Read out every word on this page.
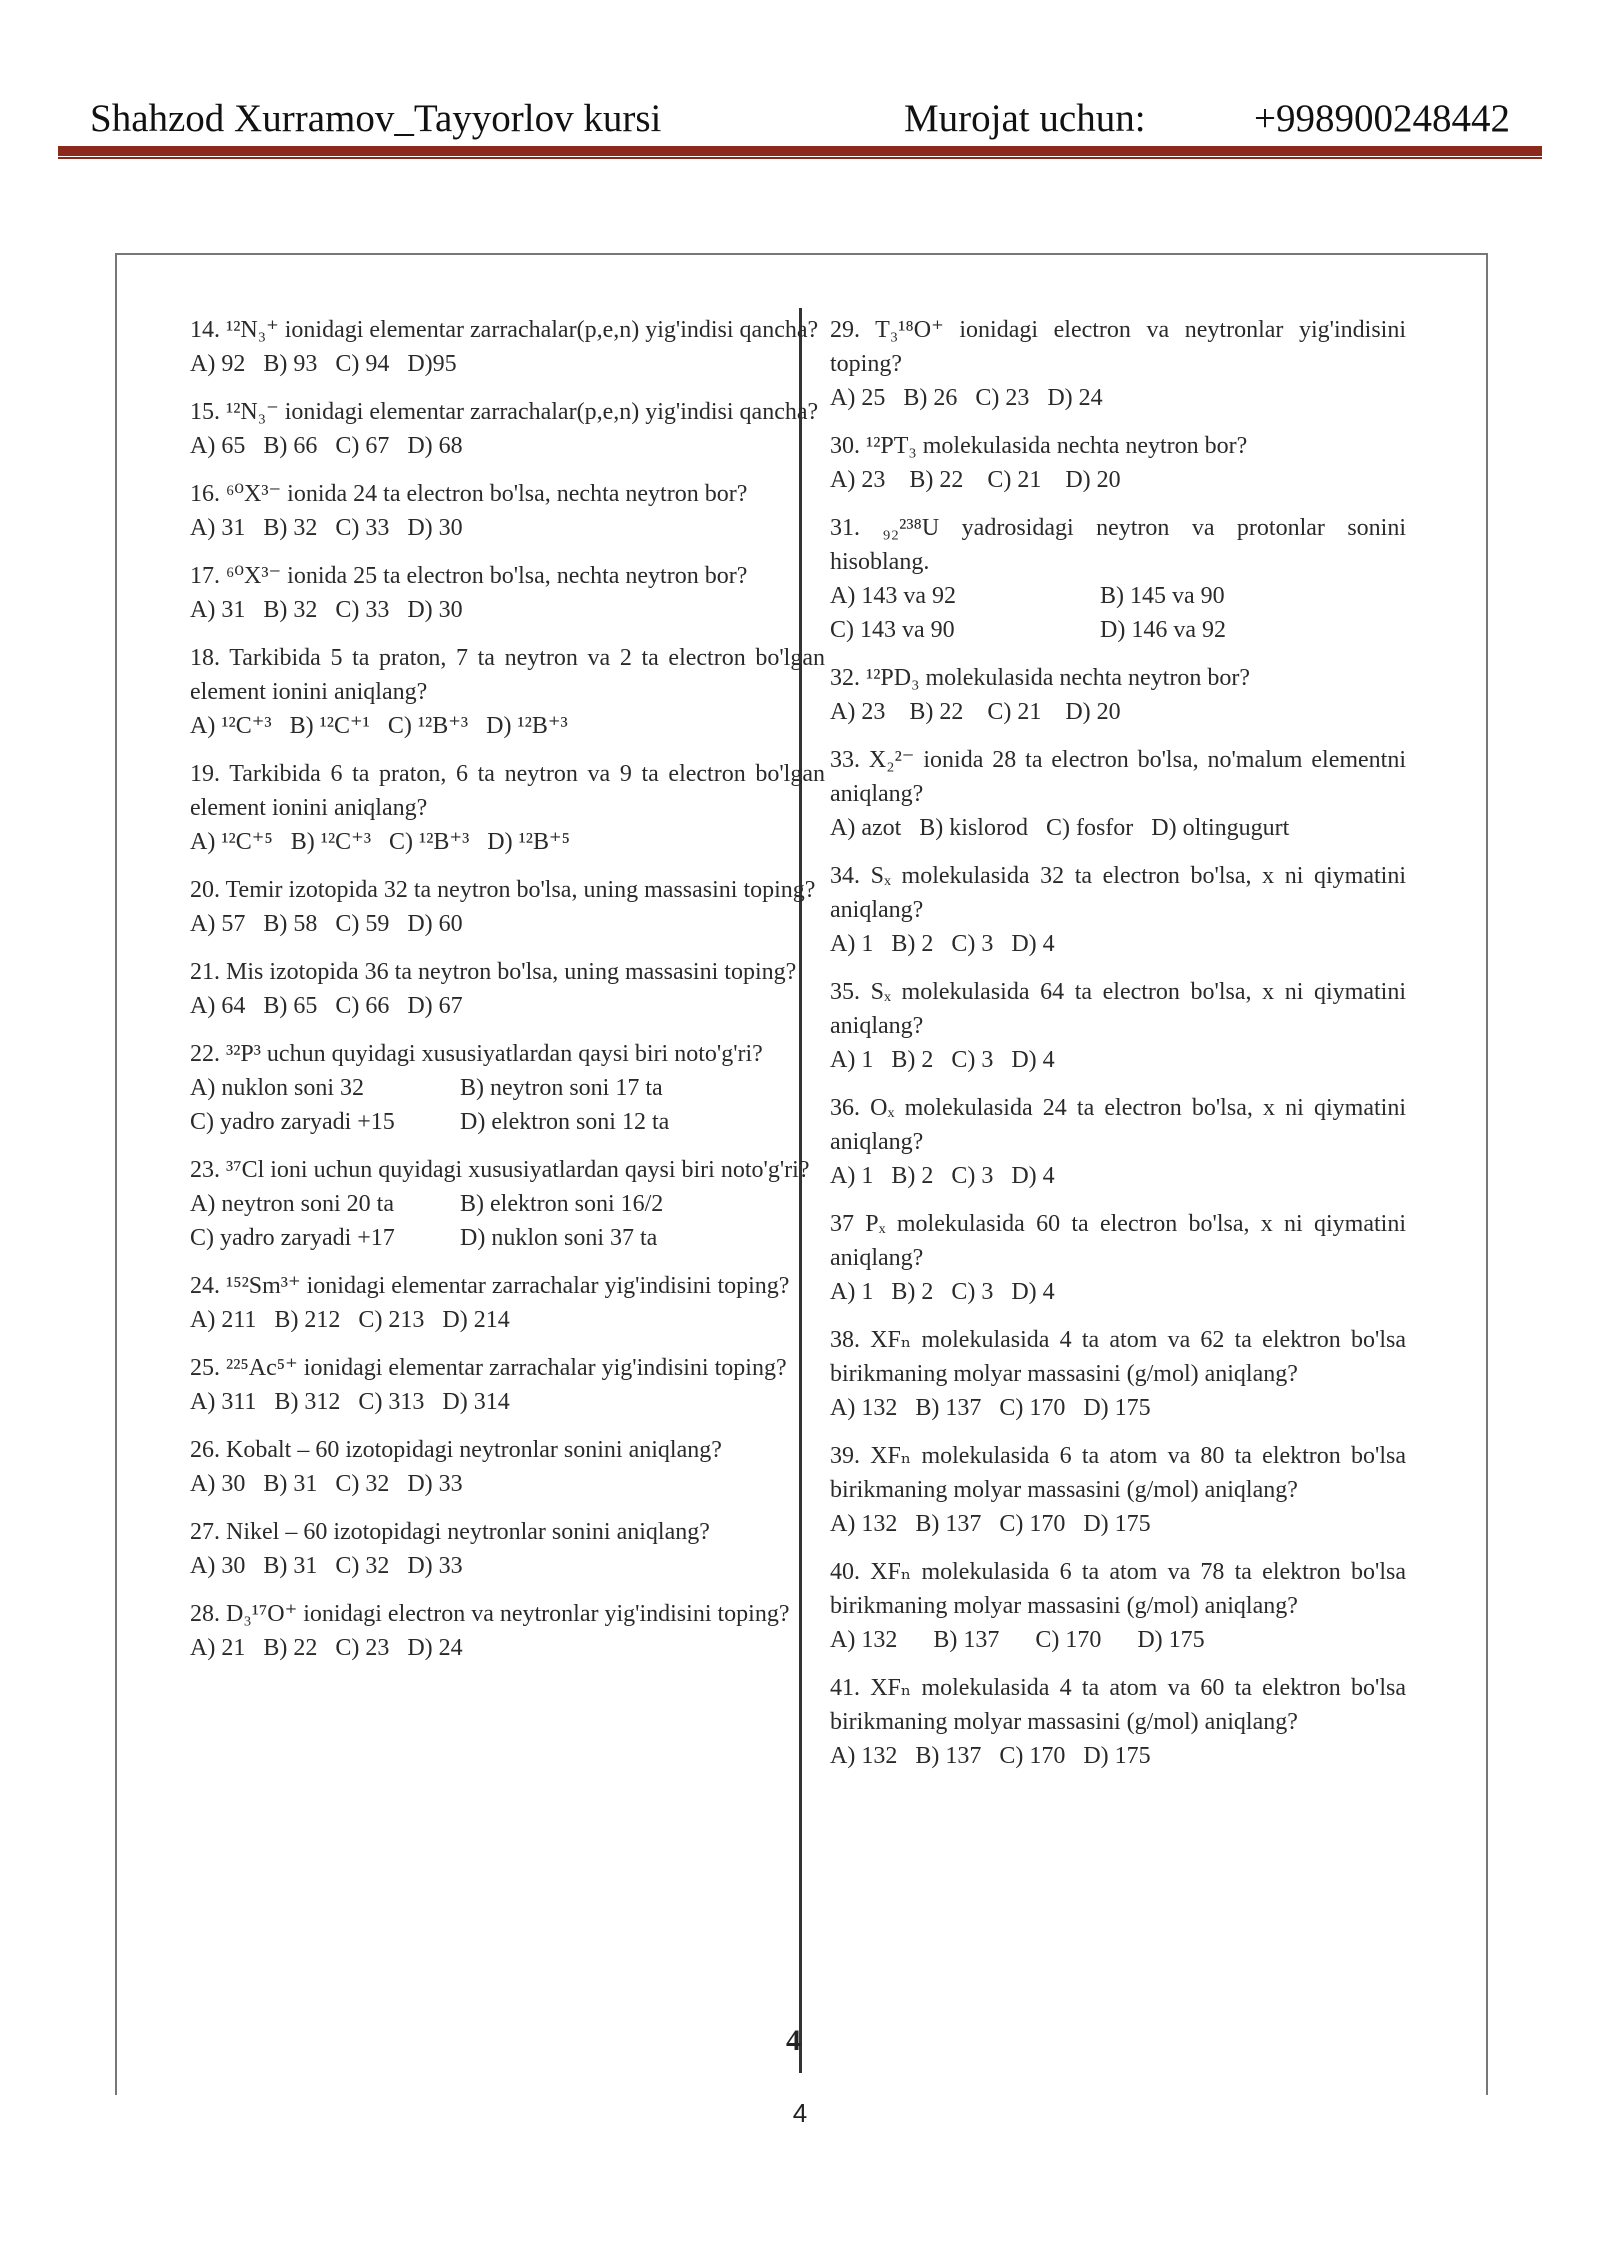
Shahzod Xurramov_Tayyorlov kursi	Murojat uchun:	+998900248442
14. ¹²N₃⁺ ionidagi elementar zarrachalar(p,e,n) yig'indisi qancha?
A) 92   B) 93   C) 94   D)95
15. ¹²N₃⁻ ionidagi elementar zarrachalar(p,e,n) yig'indisi qancha?
A) 65   B) 66   C) 67   D) 68
16. ⁶⁰X³⁻ ionida 24 ta electron bo'lsa, nechta neytron bor?
A) 31   B) 32   C) 33   D) 30
17. ⁶⁰X³⁻ ionida 25 ta electron bo'lsa, nechta neytron bor?
A) 31   B) 32   C) 33   D) 30
18. Tarkibida 5 ta praton, 7 ta neytron va 2 ta electron bo'lgan element ionini aniqlang?
A) ¹²C⁺³   B) ¹²C⁺¹   C) ¹²B⁺³   D) ¹²B⁺³
19. Tarkibida 6 ta praton, 6 ta neytron va 9 ta electron bo'lgan element ionini aniqlang?
A) ¹²C⁺⁵   B) ¹²C⁺³   C) ¹²B⁺³   D) ¹²B⁺⁵
20. Temir izotopida 32 ta neytron bo'lsa, uning massasini toping?
A) 57   B) 58   C) 59   D) 60
21. Mis izotopida 36 ta neytron bo'lsa, uning massasini toping?
A) 64   B) 65   C) 66   D) 67
22. ³²P³ uchun quyidagi xususiyatlardan qaysi biri noto'g'ri?
A) nuklon soni 32	B) neytron soni 17 ta
C) yadro zaryadi +15	D) elektron soni 12 ta
23. ³⁷Cl ioni uchun quyidagi xususiyatlardan qaysi biri noto'g'ri?
A) neytron soni 20 ta	B) elektron soni 16/2
C) yadro zaryadi +17	D) nuklon soni 37 ta
24. ¹⁵²Sm³⁺ ionidagi elementar zarrachalar yig'indisini toping?
A) 211   B) 212   C) 213   D) 214
25. ²²⁵Ac⁵⁺ ionidagi elementar zarrachalar yig'indisini toping?
A) 311   B) 312   C) 313   D) 314
26. Kobalt – 60 izotopidagi neytronlar sonini aniqlang?
A) 30   B) 31   C) 32   D) 33
27. Nikel – 60 izotopidagi neytronlar sonini aniqlang?
A) 30   B) 31   C) 32   D) 33
28. D₃¹⁷O⁺ ionidagi electron va neytronlar yig'indisini toping?
A) 21   B) 22   C) 23   D) 24
29. T₃¹⁸O⁺ ionidagi electron va neytronlar yig'indisini toping?
A) 25   B) 26   C) 23   D) 24
30. ¹²PT₃ molekulasida nechta neytron bor?
A) 23    B) 22    C) 21    D) 20
31. ₉₂²³⁸U yadrosidagi neytron va protonlar sonini hisoblang.
A) 143 va 92	B) 145 va 90
C) 143 va 90	D) 146 va 92
32. ¹²PD₃ molekulasida nechta neytron bor?
A) 23    B) 22    C) 21    D) 20
33. X₂²⁻ ionida 28 ta electron bo'lsa, no'malum elementni aniqlang?
A) azot   B) kislorod   C) fosfor   D) oltingugurt
34. Sₓ molekulasida 32 ta electron bo'lsa, x ni qiymatini aniqlang?
A) 1   B) 2   C) 3   D) 4
35. Sₓ molekulasida 64 ta electron bo'lsa, x ni qiymatini aniqlang?
A) 1   B) 2   C) 3   D) 4
36. Oₓ molekulasida 24 ta electron bo'lsa, x ni qiymatini aniqlang?
A) 1   B) 2   C) 3   D) 4
37 Pₓ molekulasida 60 ta electron bo'lsa, x ni qiymatini aniqlang?
A) 1   B) 2   C) 3   D) 4
38. XFₙ molekulasida 4 ta atom va 62 ta elektron bo'lsa birikmaning molyar massasini (g/mol) aniqlang?
A) 132   B) 137   C) 170   D) 175
39. XFₙ molekulasida 6 ta atom va 80 ta elektron bo'lsa birikmaning molyar massasini (g/mol) aniqlang?
A) 132   B) 137   C) 170   D) 175
40. XFₙ molekulasida 6 ta atom va 78 ta elektron bo'lsa birikmaning molyar massasini (g/mol) aniqlang?
A) 132      B) 137      C) 170      D) 175
41. XFₙ molekulasida 4 ta atom va 60 ta elektron bo'lsa birikmaning molyar massasini (g/mol) aniqlang?
A) 132   B) 137   C) 170   D) 175
4
4
